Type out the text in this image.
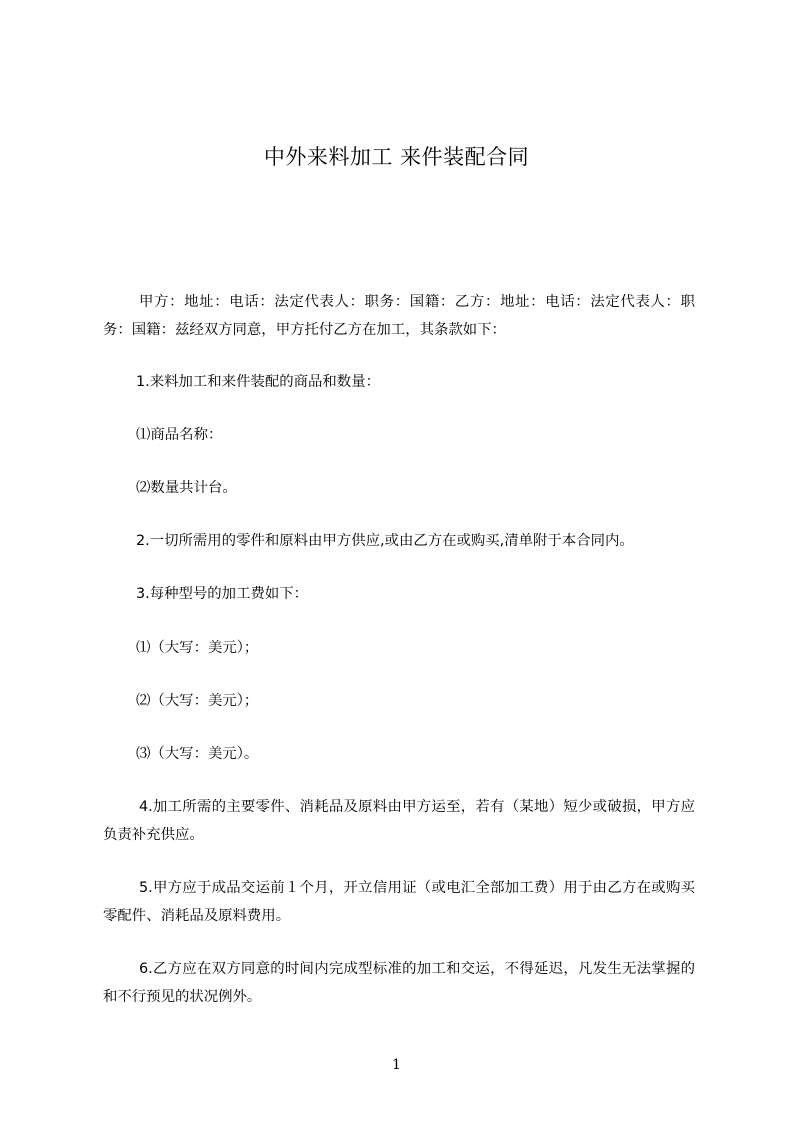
中外来料加工 来件装配合同
甲方：地址：电话：法定代表人：职务：国籍：乙方：地址：电话：法定代表人：职务：国籍：兹经双方同意，甲方托付乙方在加工，其条款如下：
1.来料加工和来件装配的商品和数量：
⑴商品名称：
⑵数量共计台。
2.一切所需用的零件和原料由甲方供应,或由乙方在或购买,清单附于本合同内。
3.每种型号的加工费如下：
⑴（大写：美元）；
⑵（大写：美元）；
⑶（大写：美元）。
4.加工所需的主要零件、消耗品及原料由甲方运至，若有（某地）短少或破损，甲方应负责补充供应。
5.甲方应于成品交运前１个月，开立信用证（或电汇全部加工费）用于由乙方在或购买零配件、消耗品及原料费用。
6.乙方应在双方同意的时间内完成型标准的加工和交运，不得延迟，凡发生无法掌握的和不行预见的状况例外。
1
